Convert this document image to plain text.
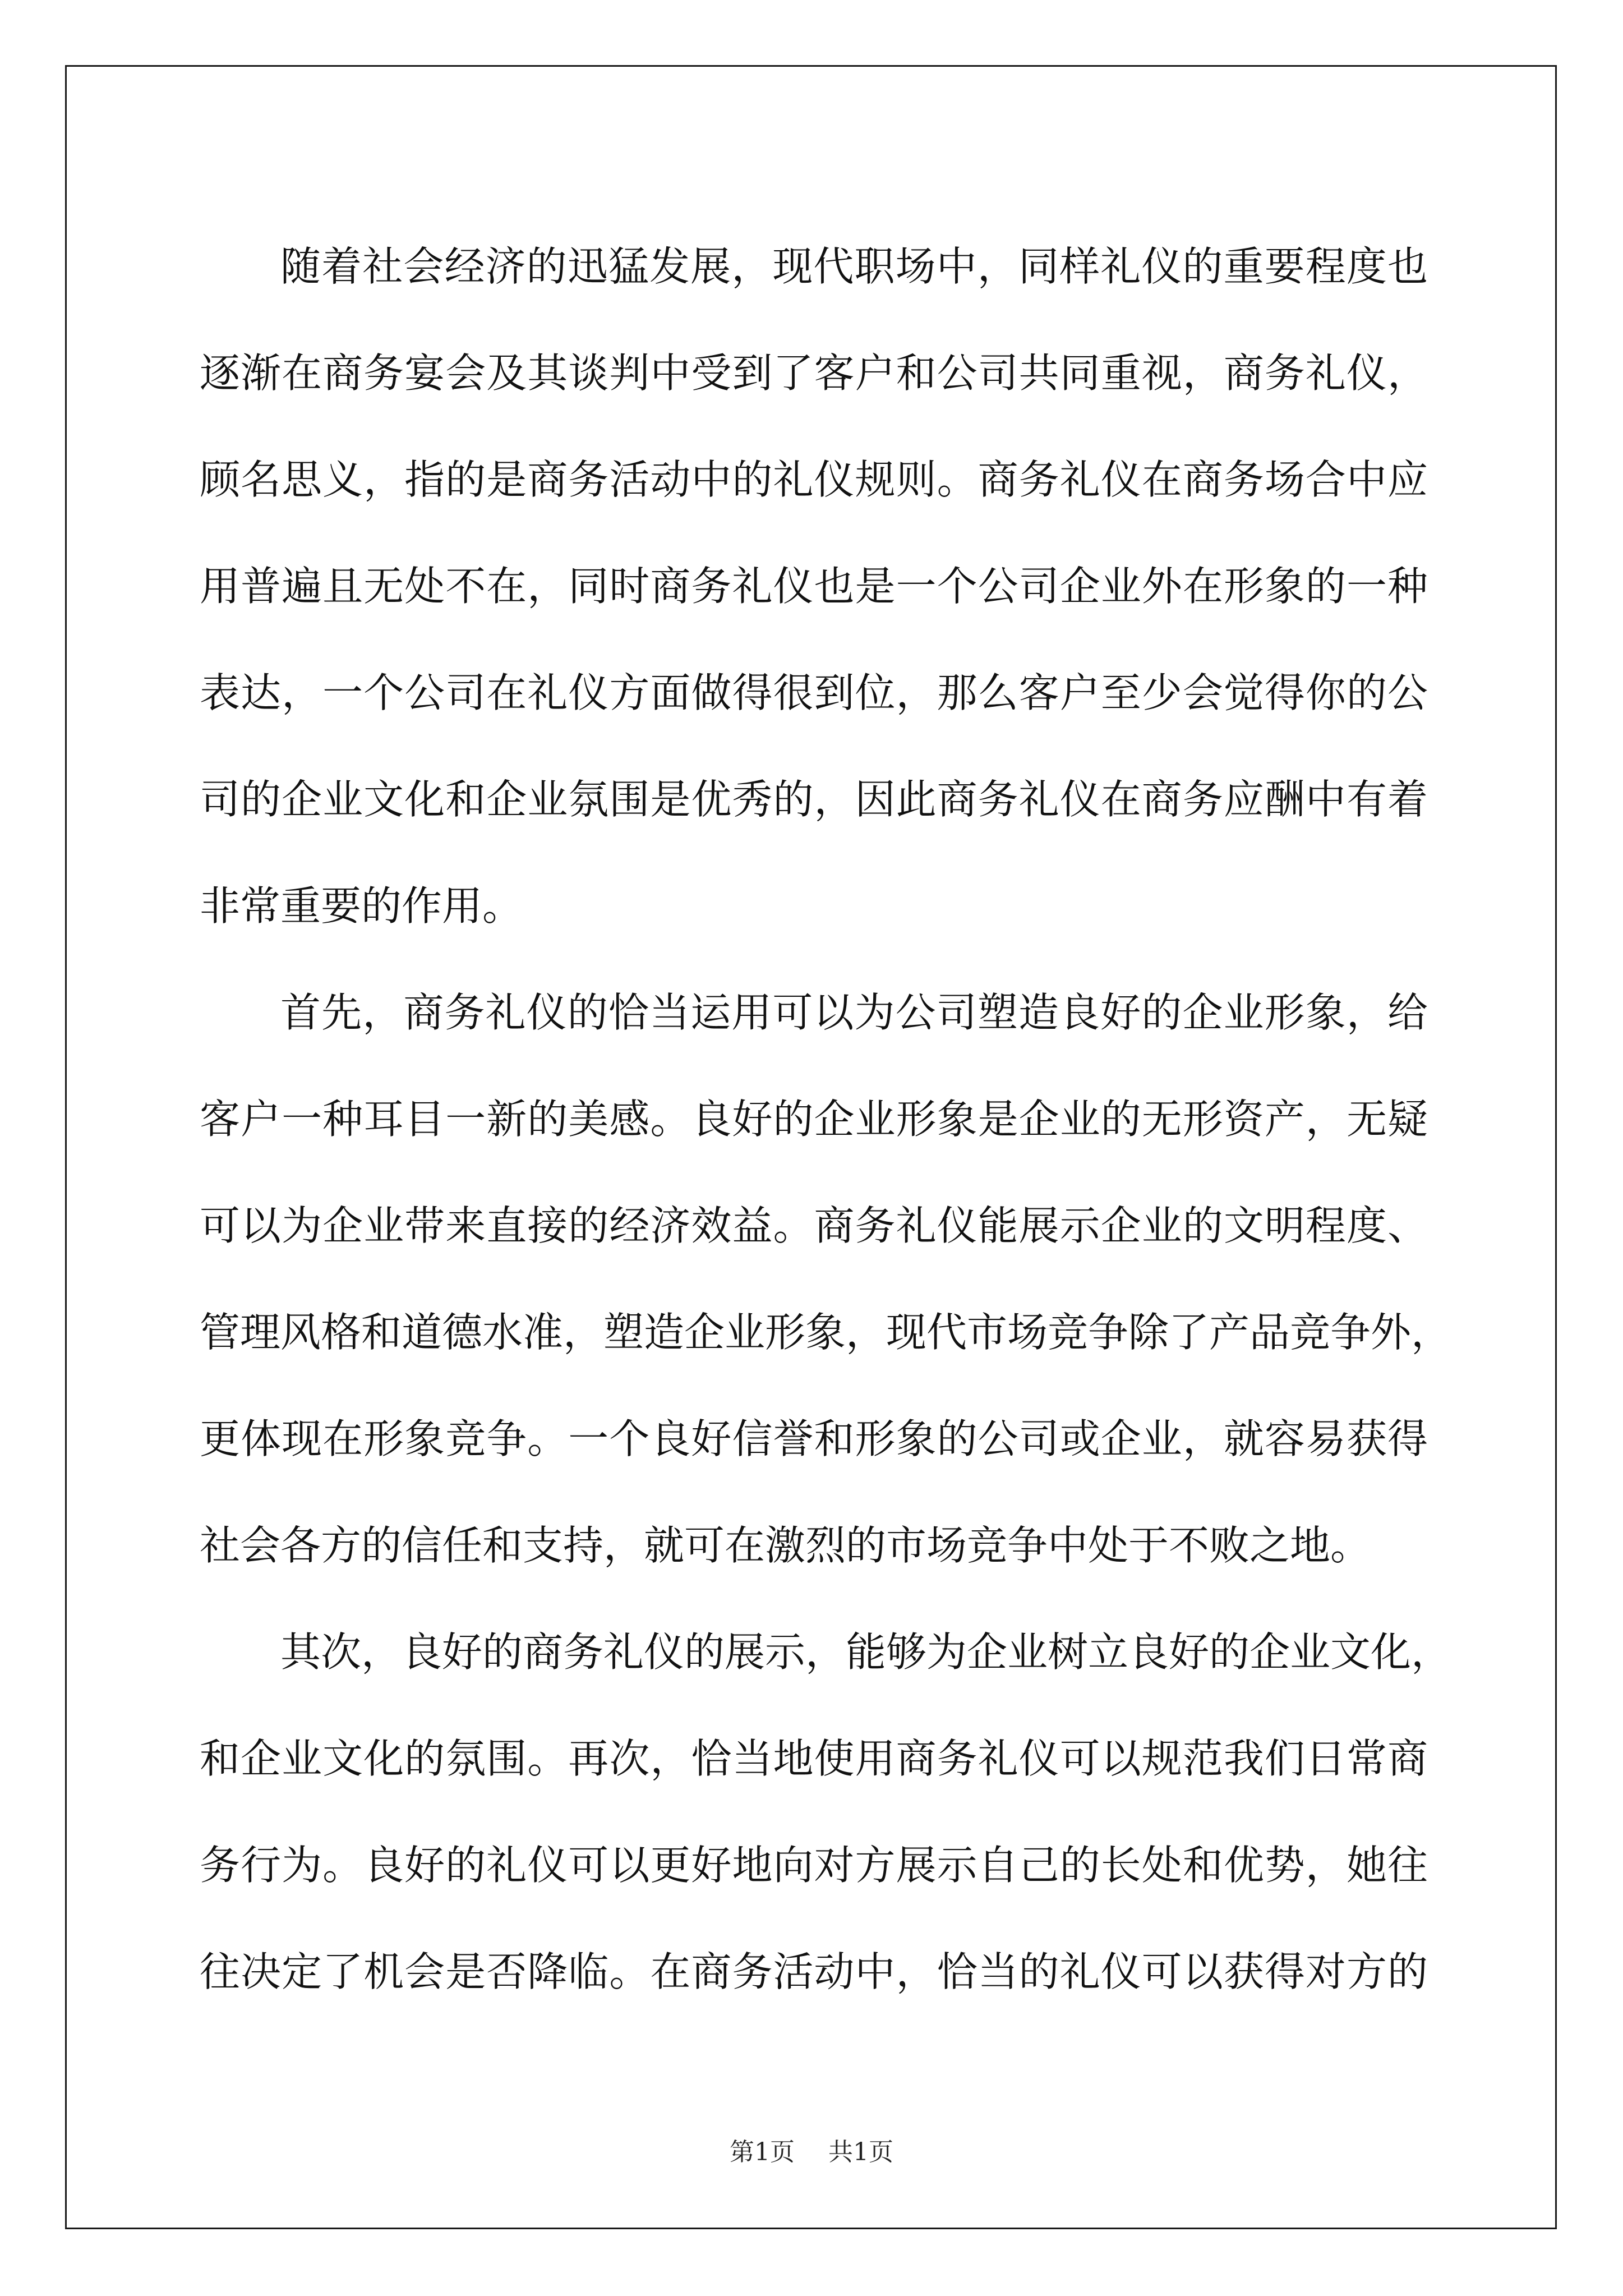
随着社会经济的迅猛发展，现代职场中，同样礼仪的重要程度也
逐渐在商务宴会及其谈判中受到了客户和公司共同重视，商务礼仪，
顾名思义，指的是商务活动中的礼仪规则。商务礼仪在商务场合中应
用普遍且无处不在，同时商务礼仪也是一个公司企业外在形象的一种
表达，一个公司在礼仪方面做得很到位，那么客户至少会觉得你的公
司的企业文化和企业氛围是优秀的，因此商务礼仪在商务应酬中有着
非常重要的作用。
首先，商务礼仪的恰当运用可以为公司塑造良好的企业形象，给
客户一种耳目一新的美感。良好的企业形象是企业的无形资产，无疑
可以为企业带来直接的经济效益。商务礼仪能展示企业的文明程度、
管理风格和道德水准，塑造企业形象，现代市场竞争除了产品竞争外，
更体现在形象竞争。一个良好信誉和形象的公司或企业，就容易获得
社会各方的信任和支持，就可在激烈的市场竞争中处于不败之地。
其次，良好的商务礼仪的展示，能够为企业树立良好的企业文化，
和企业文化的氛围。再次，恰当地使用商务礼仪可以规范我们日常商
务行为。良好的礼仪可以更好地向对方展示自己的长处和优势，她往
往决定了机会是否降临。在商务活动中，恰当的礼仪可以获得对方的
第1页 共1页
